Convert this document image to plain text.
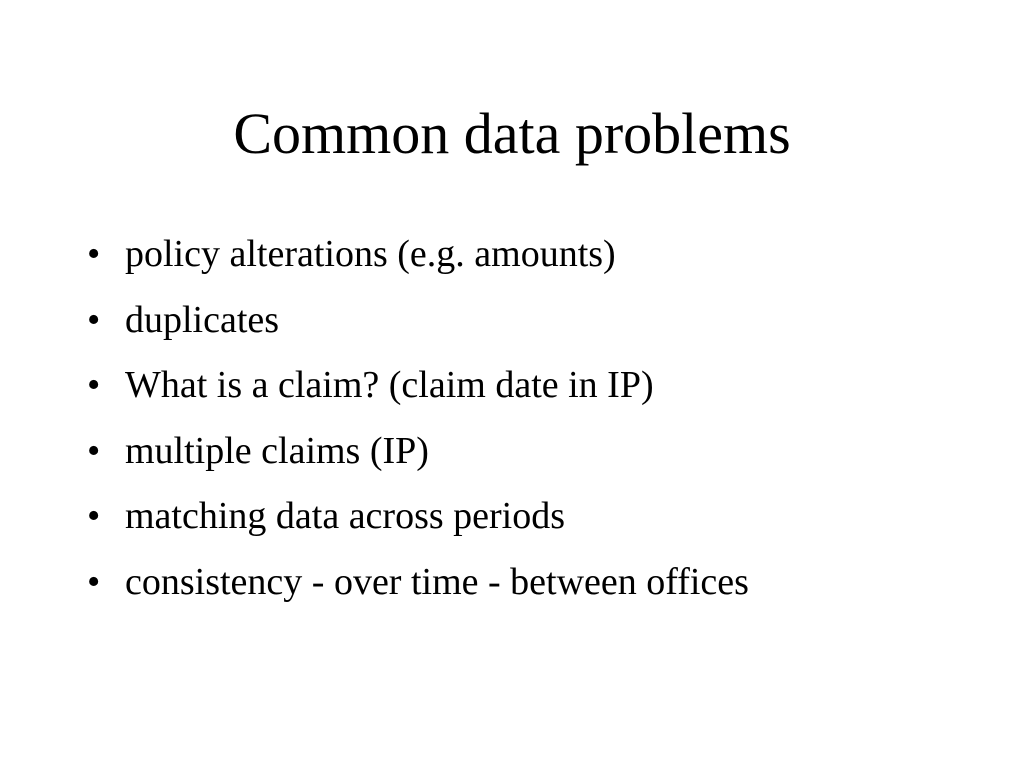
Common data problems
• policy alterations (e.g. amounts)
• duplicates
• What is a claim? (claim date in IP)
• multiple claims (IP)
• matching data across periods
• consistency - over time - between offices
